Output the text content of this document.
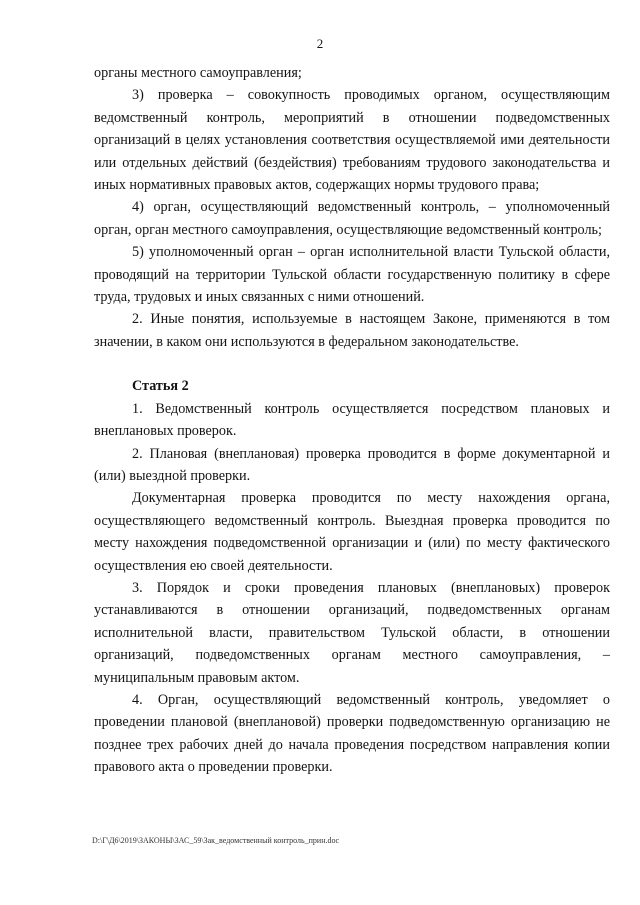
2

органы местного самоуправления;

3) проверка – совокупность проводимых органом, осуществляющим ведомственный контроль, мероприятий в отношении подведомственных организаций в целях установления соответствия осуществляемой ими деятельности или отдельных действий (бездействия) требованиям трудового законодательства и иных нормативных правовых актов, содержащих нормы трудового права;

4) орган, осуществляющий ведомственный контроль, – уполномоченный орган, орган местного самоуправления, осуществляющие ведомственный контроль;

5) уполномоченный орган – орган исполнительной власти Тульской области, проводящий на территории Тульской области государственную политику в сфере труда, трудовых и иных связанных с ними отношений.

2. Иные понятия, используемые в настоящем Законе, применяются в том значении, в каком они используются в федеральном законодательстве.

Статья 2

1. Ведомственный контроль осуществляется посредством плановых и внеплановых проверок.

2. Плановая (внеплановая) проверка проводится в форме документарной и (или) выездной проверки.

Документарная проверка проводится по месту нахождения органа, осуществляющего ведомственный контроль. Выездная проверка проводится по месту нахождения подведомственной организации и (или) по месту фактического осуществления ею своей деятельности.

3. Порядок и сроки проведения плановых (внеплановых) проверок устанавливаются в отношении организаций, подведомственных органам исполнительной власти, правительством Тульской области, в отношении организаций, подведомственных органам местного самоуправления, – муниципальным правовым актом.

4. Орган, осуществляющий ведомственный контроль, уведомляет о проведении плановой (внеплановой) проверки подведомственную организацию не позднее трех рабочих дней до начала проведения посредством направления копии правового акта о проведении проверки.

D:\Г\Д6\2019\ЗАКОНЫ\ЗАС_59\Зак_ведомственный контроль_прин.doc
